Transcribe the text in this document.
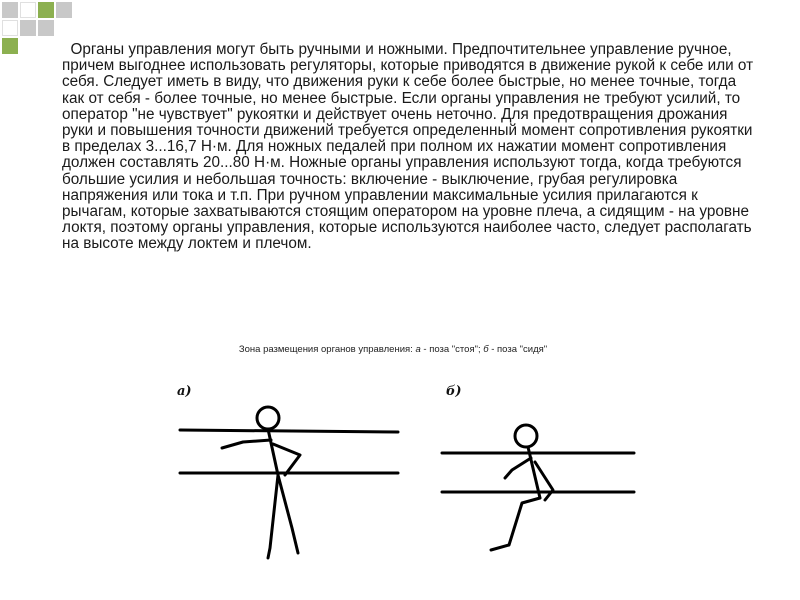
Органы управления могут быть ручными и ножными. Предпочтительнее управление ручное, причем выгоднее использовать регуляторы, которые приводятся в движение рукой к себе или от себя. Следует иметь в виду, что движения руки к себе более быстрые, но менее точные, тогда как от себя - более точные, но менее быстрые. Если органы управления не требуют усилий, то оператор "не чувствует" рукоятки и действует очень неточно. Для предотвращения дрожания руки и повышения точности движений требуется определенный момент сопротивления рукоятки в пределах 3...16,7 Н·м. Для ножных педалей при полном их нажатии момент сопротивления должен составлять 20...80 Н·м. Ножные органы управления используют тогда, когда требуются большие усилия и небольшая точность: включение - выключение, грубая регулировка напряжения или тока и т.п. При ручном управлении максимальные усилия прилагаются к рычагам, которые захватываются стоящим оператором на уровне плеча, а сидящим - на уровне локтя, поэтому органы управления, которые используются наиболее часто, следует располагать на высоте между локтем и плечом.

Зона размещения органов управления: а - поза "стоя"; б - поза "сидя"
а)	б)
